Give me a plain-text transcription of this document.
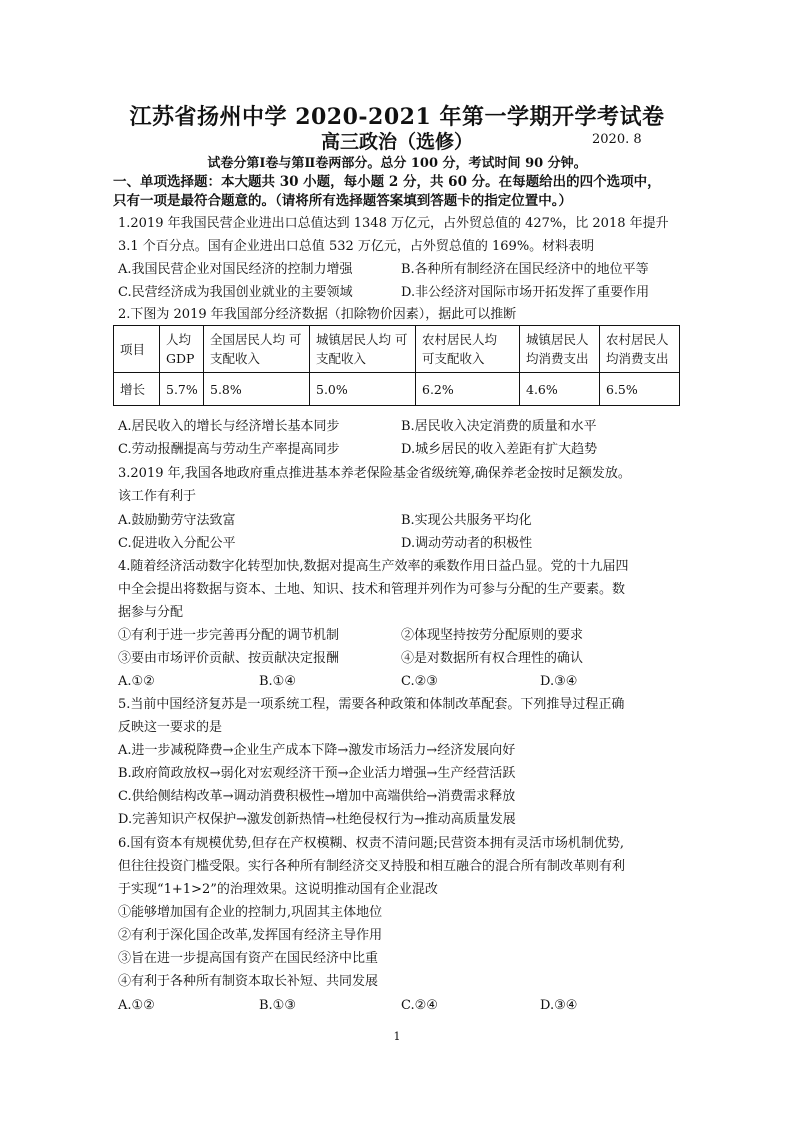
江苏省扬州中学 2020-2021 年第一学期开学考试卷
高三政治（选修）	2020. 8
试卷分第Ⅰ卷与第Ⅱ卷两部分。总分 100 分，考试时间 90 分钟。
一、单项选择题：本大题共 30 小题，每小题 2 分，共 60 分。在每题给出的四个选项中，
只有一项是最符合题意的。（请将所有选择题答案填到答题卡的指定位置中。）
1.2019 年我国民营企业进出口总值达到 1348 万亿元，占外贸总值的 427%，比 2018 年提升
3.1 个百分点。国有企业进出口总值 532 万亿元，占外贸总值的 169%。材料表明
A.我国民营企业对国民经济的控制力增强	B.各种所有制经济在国民经济中的地位平等
C.民营经济成为我国创业就业的主要领域	D.非公经济对国际市场开拓发挥了重要作用
2.下图为 2019 年我国部分经济数据（扣除物价因素），据此可以推断
项目	人均 GDP	全国居民人均 可支配收入	城镇居民人均 可支配收入	农村居民人均 可支配收入	城镇居民人 均消费支出	农村居民人 均消费支出
增长	5.7%	5.8%	5.0%	6.2%	4.6%	6.5%
A.居民收入的增长与经济增长基本同步	B.居民收入决定消费的质量和水平
C.劳动报酬提高与劳动生产率提高同步	D.城乡居民的收入差距有扩大趋势
3.2019 年,我国各地政府重点推进基本养老保险基金省级统筹,确保养老金按时足额发放。
该工作有利于
A.鼓励勤劳守法致富	B.实现公共服务平均化
C.促进收入分配公平	D.调动劳动者的积极性
4.随着经济活动数字化转型加快,数据对提高生产效率的乘数作用日益凸显。党的十九届四
中全会提出将数据与资本、土地、知识、技术和管理并列作为可参与分配的生产要素。数
据参与分配
①有利于进一步完善再分配的调节机制	②体现坚持按劳分配原则的要求
③要由市场评价贡献、按贡献决定报酬	④是对数据所有权合理性的确认
A.①②	B.①④	C.②③	D.③④
5.当前中国经济复苏是一项系统工程，需要各种政策和体制改革配套。下列推导过程正确
反映这一要求的是
A.进一步减税降费→企业生产成本下降→激发市场活力→经济发展向好
B.政府简政放权→弱化对宏观经济干预→企业活力增强→生产经营活跃
C.供给侧结构改革→调动消费积极性→增加中高端供给→消费需求释放
D.完善知识产权保护→激发创新热情→杜绝侵权行为→推动高质量发展
6.国有资本有规模优势,但存在产权模糊、权责不清问题;民营资本拥有灵活市场机制优势,
但往往投资门槛受限。实行各种所有制经济交叉持股和相互融合的混合所有制改革则有利
于实现“1+1>2”的治理效果。这说明推动国有企业混改
①能够增加国有企业的控制力,巩固其主体地位
②有利于深化国企改革,发挥国有经济主导作用
③旨在进一步提高国有资产在国民经济中比重
④有利于各种所有制资本取长补短、共同发展
A.①②	B.①③	C.②④	D.③④
1
